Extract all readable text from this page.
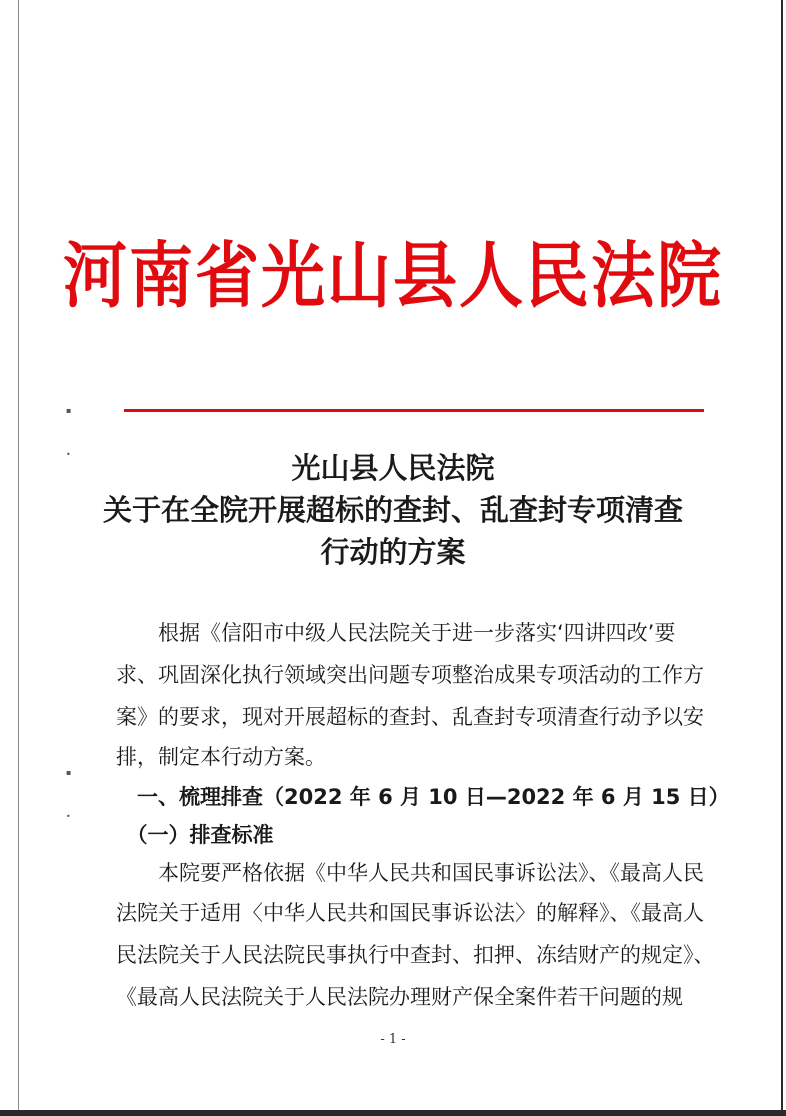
▪
•
▪
•
河南省光山县人民法院
光山县人民法院
关于在全院开展超标的查封、乱查封专项清查
行动的方案
　　根据《信阳市中级人民法院关于进一步落实‘四讲四改’要
求、巩固深化执行领域突出问题专项整治成果专项活动的工作方
案》的要求，现对开展超标的查封、乱查封专项清查行动予以安
排，制定本行动方案。
　一、梳理排查（2022 年 6 月 10 日—2022 年 6 月 15 日）
　（一）排查标准
　　本院要严格依据《中华人民共和国民事诉讼法》、《最高人民
法院关于适用〈中华人民共和国民事诉讼法〉的解释》、《最高人
民法院关于人民法院民事执行中查封、扣押、冻结财产的规定》、
《最高人民法院关于人民法院办理财产保全案件若干问题的规
- 1 -
